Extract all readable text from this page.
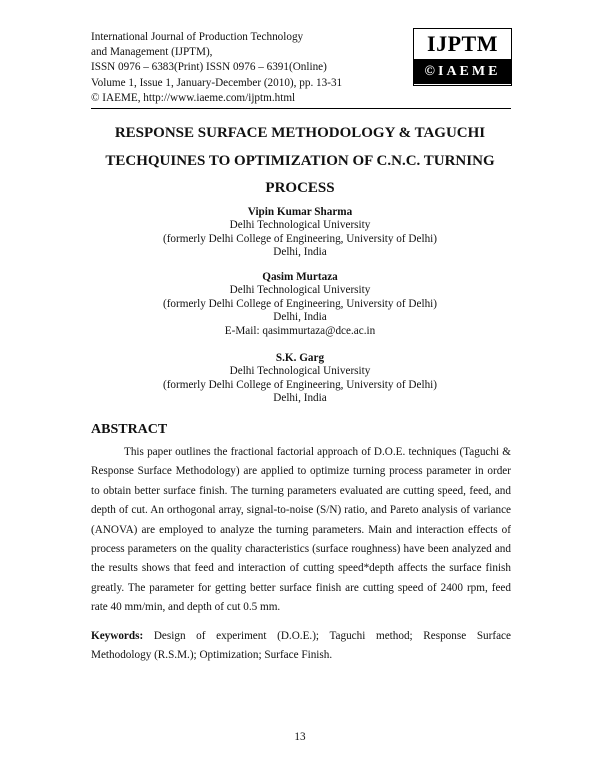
International Journal of Production Technology
and Management (IJPTM),
ISSN 0976 – 6383(Print) ISSN 0976 – 6391(Online)
Volume 1, Issue 1, January-December (2010), pp. 13-31
© IAEME, http://www.iaeme.com/ijptm.html
IJPTM
©IAEME
RESPONSE SURFACE METHODOLOGY & TAGUCHI
TECHQUINES TO OPTIMIZATION OF C.N.C. TURNING
PROCESS
Vipin Kumar Sharma
Delhi Technological University
(formerly Delhi College of Engineering, University of Delhi)
Delhi, India
Qasim Murtaza
Delhi Technological University
(formerly Delhi College of Engineering, University of Delhi)
Delhi, India
E-Mail: qasimmurtaza@dce.ac.in
S.K. Garg
Delhi Technological University
(formerly Delhi College of Engineering, University of Delhi)
Delhi, India
ABSTRACT

This paper outlines the fractional factorial approach of D.O.E. techniques (Taguchi & Response Surface Methodology) are applied to optimize turning process parameter in order to obtain better surface finish. The turning parameters evaluated are cutting speed, feed, and depth of cut. An orthogonal array, signal-to-noise (S/N) ratio, and Pareto analysis of variance (ANOVA) are employed to analyze the turning parameters. Main and interaction effects of process parameters on the quality characteristics (surface roughness) have been analyzed and the results shows that feed and interaction of cutting speed*depth affects the surface finish greatly. The parameter for getting better surface finish are cutting speed of 2400 rpm, feed rate 40 mm/min, and depth of cut 0.5 mm.

Keywords: Design of experiment (D.O.E.); Taguchi method; Response Surface Methodology (R.S.M.); Optimization; Surface Finish.

13
